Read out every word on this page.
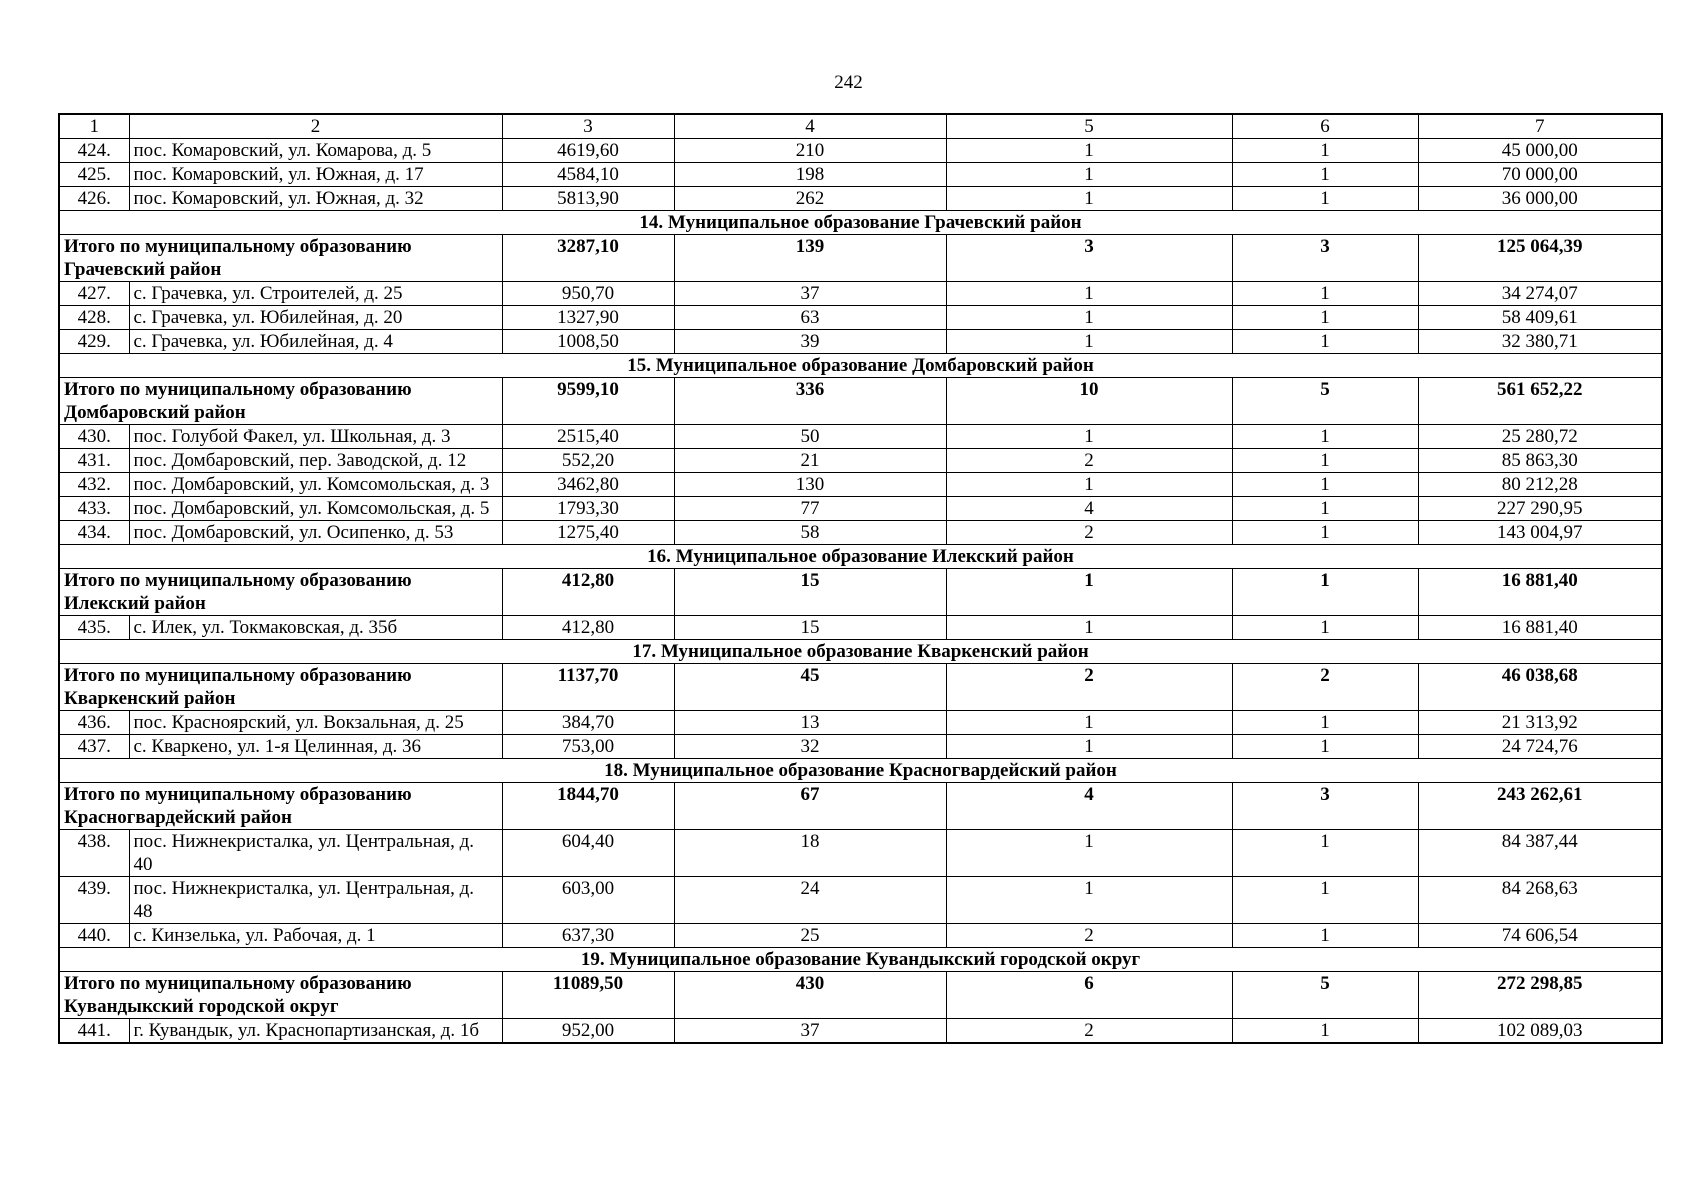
242
1	2	3	4	5	6	7
424.	пос. Комаровский, ул. Комарова, д. 5	4619,60	210	1	1	45 000,00
425.	пос. Комаровский, ул. Южная, д. 17	4584,10	198	1	1	70 000,00
426.	пос. Комаровский, ул. Южная, д. 32	5813,90	262	1	1	36 000,00
14. Муниципальное образование Грачевский район						
Итого по муниципальному образованию Грачевский район		3287,10	139	3	3	125 064,39
427.	с. Грачевка, ул. Строителей, д. 25	950,70	37	1	1	34 274,07
428.	с. Грачевка, ул. Юбилейная, д. 20	1327,90	63	1	1	58 409,61
429.	с. Грачевка, ул. Юбилейная, д. 4	1008,50	39	1	1	32 380,71
15. Муниципальное образование Домбаровский район						
Итого по муниципальному образованию Домбаровский район		9599,10	336	10	5	561 652,22
430.	пос. Голубой Факел, ул. Школьная, д. 3	2515,40	50	1	1	25 280,72
431.	пос. Домбаровский, пер. Заводской, д. 12	552,20	21	2	1	85 863,30
432.	пос. Домбаровский, ул. Комсомольская, д. 3	3462,80	130	1	1	80 212,28
433.	пос. Домбаровский, ул. Комсомольская, д. 5	1793,30	77	4	1	227 290,95
434.	пос. Домбаровский, ул. Осипенко, д. 53	1275,40	58	2	1	143 004,97
16. Муниципальное образование Илекский район						
Итого по муниципальному образованию Илекский район		412,80	15	1	1	16 881,40
435.	с. Илек, ул. Токмаковская, д. 35б	412,80	15	1	1	16 881,40
17. Муниципальное образование Кваркенский район						
Итого по муниципальному образованию Кваркенский район		1137,70	45	2	2	46 038,68
436.	пос. Красноярский, ул. Вокзальная, д. 25	384,70	13	1	1	21 313,92
437.	с. Кваркено, ул. 1-я Целинная, д. 36	753,00	32	1	1	24 724,76
18. Муниципальное образование Красногвардейский район						
Итого по муниципальному образованию Красногвардейский район		1844,70	67	4	3	243 262,61
438.	пос. Нижнекристалка, ул. Центральная, д. 40	604,40	18	1	1	84 387,44
439.	пос. Нижнекристалка, ул. Центральная, д. 48	603,00	24	1	1	84 268,63
440.	с. Кинзелька, ул. Рабочая, д. 1	637,30	25	2	1	74 606,54
19. Муниципальное образование Кувандыкский городской округ						
Итого по муниципальному образованию Кувандыкский городской округ		11089,50	430	6	5	272 298,85
441.	г. Кувандык, ул. Краснопартизанская, д. 1б	952,00	37	2	1	102 089,03
